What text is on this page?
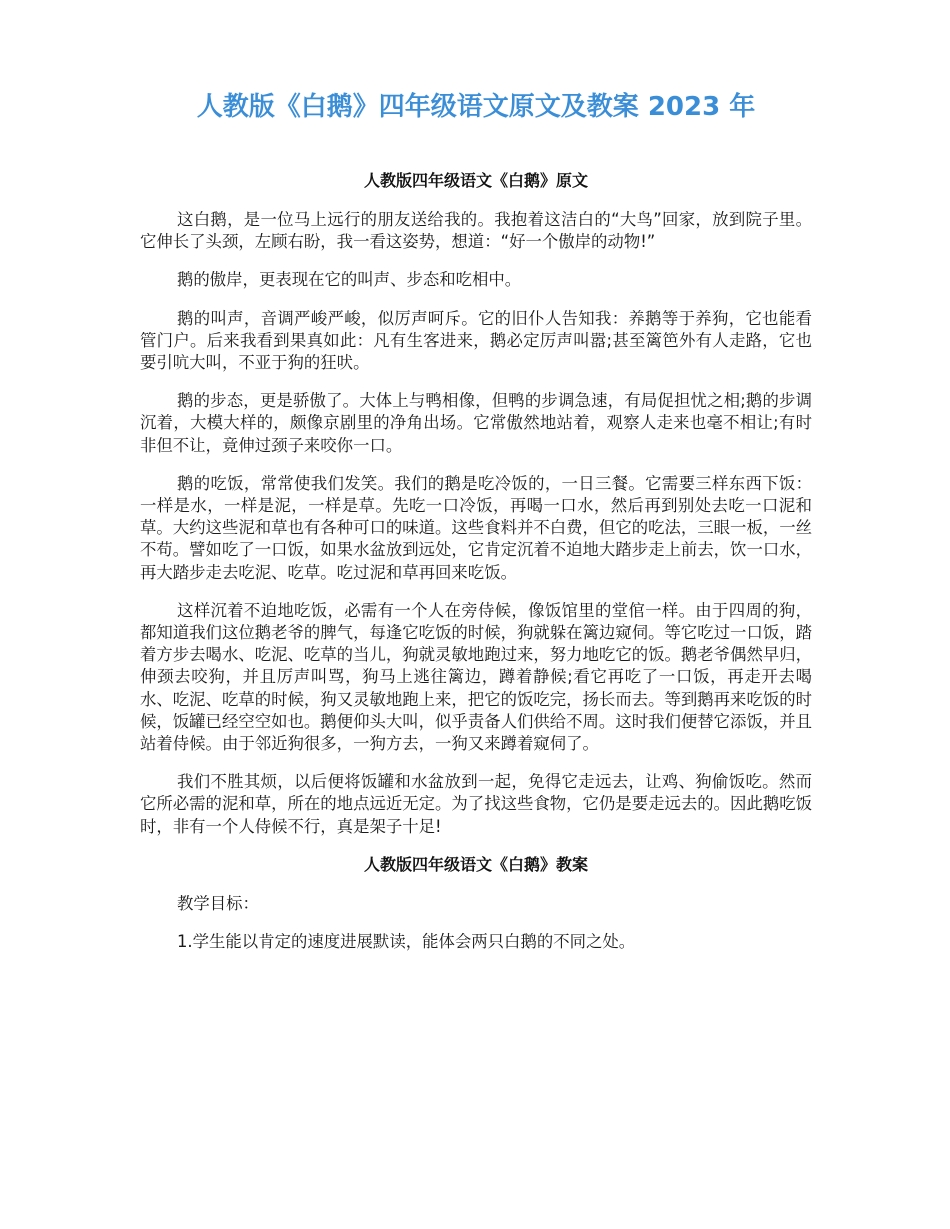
人教版《白鹅》四年级语文原文及教案 2023 年
人教版四年级语文《白鹅》原文

这白鹅，是一位马上远行的朋友送给我的。我抱着这洁白的“大鸟”回家，放到院子里。它伸长了头颈，左顾右盼，我一看这姿势，想道：“好一个傲岸的动物!”

鹅的傲岸，更表现在它的叫声、步态和吃相中。

鹅的叫声，音调严峻严峻，似厉声呵斥。它的旧仆人告知我：养鹅等于养狗，它也能看管门户。后来我看到果真如此：凡有生客进来，鹅必定厉声叫嚣;甚至篱笆外有人走路，它也要引吭大叫，不亚于狗的狂吠。

鹅的步态，更是骄傲了。大体上与鸭相像，但鸭的步调急速，有局促担忧之相;鹅的步调沉着，大模大样的，颇像京剧里的净角出场。它常傲然地站着，观察人走来也毫不相让;有时非但不让，竟伸过颈子来咬你一口。

鹅的吃饭，常常使我们发笑。我们的鹅是吃冷饭的，一日三餐。它需要三样东西下饭：一样是水，一样是泥，一样是草。先吃一口冷饭，再喝一口水，然后再到别处去吃一口泥和草。大约这些泥和草也有各种可口的味道。这些食料并不白费，但它的吃法，三眼一板，一丝不苟。譬如吃了一口饭，如果水盆放到远处，它肯定沉着不迫地大踏步走上前去，饮一口水，再大踏步走去吃泥、吃草。吃过泥和草再回来吃饭。

这样沉着不迫地吃饭，必需有一个人在旁侍候，像饭馆里的堂倌一样。由于四周的狗，都知道我们这位鹅老爷的脾气，每逢它吃饭的时候，狗就躲在篱边窥伺。等它吃过一口饭，踏着方步去喝水、吃泥、吃草的当儿，狗就灵敏地跑过来，努力地吃它的饭。鹅老爷偶然早归，伸颈去咬狗，并且厉声叫骂，狗马上逃往篱边，蹲着静候;看它再吃了一口饭，再走开去喝水、吃泥、吃草的时候，狗又灵敏地跑上来，把它的饭吃完，扬长而去。等到鹅再来吃饭的时候，饭罐已经空空如也。鹅便仰头大叫，似乎责备人们供给不周。这时我们便替它添饭，并且站着侍候。由于邻近狗很多，一狗方去，一狗又来蹲着窥伺了。

我们不胜其烦，以后便将饭罐和水盆放到一起，免得它走远去，让鸡、狗偷饭吃。然而它所必需的泥和草，所在的地点远近无定。为了找这些食物，它仍是要走远去的。因此鹅吃饭时，非有一个人侍候不行，真是架子十足!

人教版四年级语文《白鹅》教案

教学目标：

1.学生能以肯定的速度进展默读，能体会两只白鹅的不同之处。
